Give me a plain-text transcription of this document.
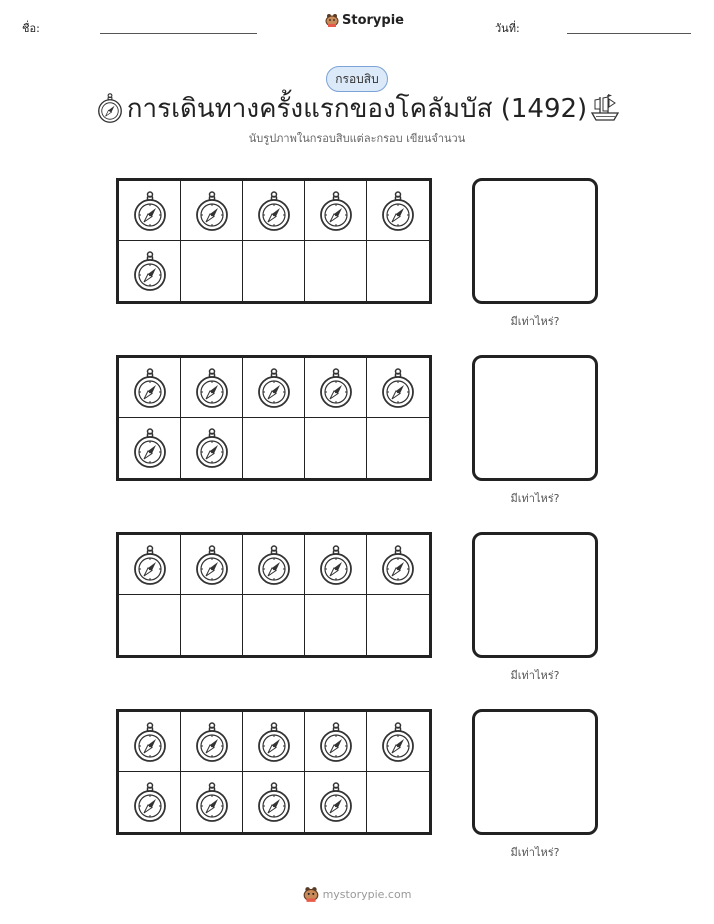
ชื่อ:
Storypie
วันที่:
กรอบสิบ
การเดินทางครั้งแรกของโคลัมบัส (1492)
นับรูปภาพในกรอบสิบแต่ละกรอบ เขียนจำนวน
มีเท่าไหร่?
มีเท่าไหร่?
มีเท่าไหร่?
มีเท่าไหร่?
mystorypie.com
